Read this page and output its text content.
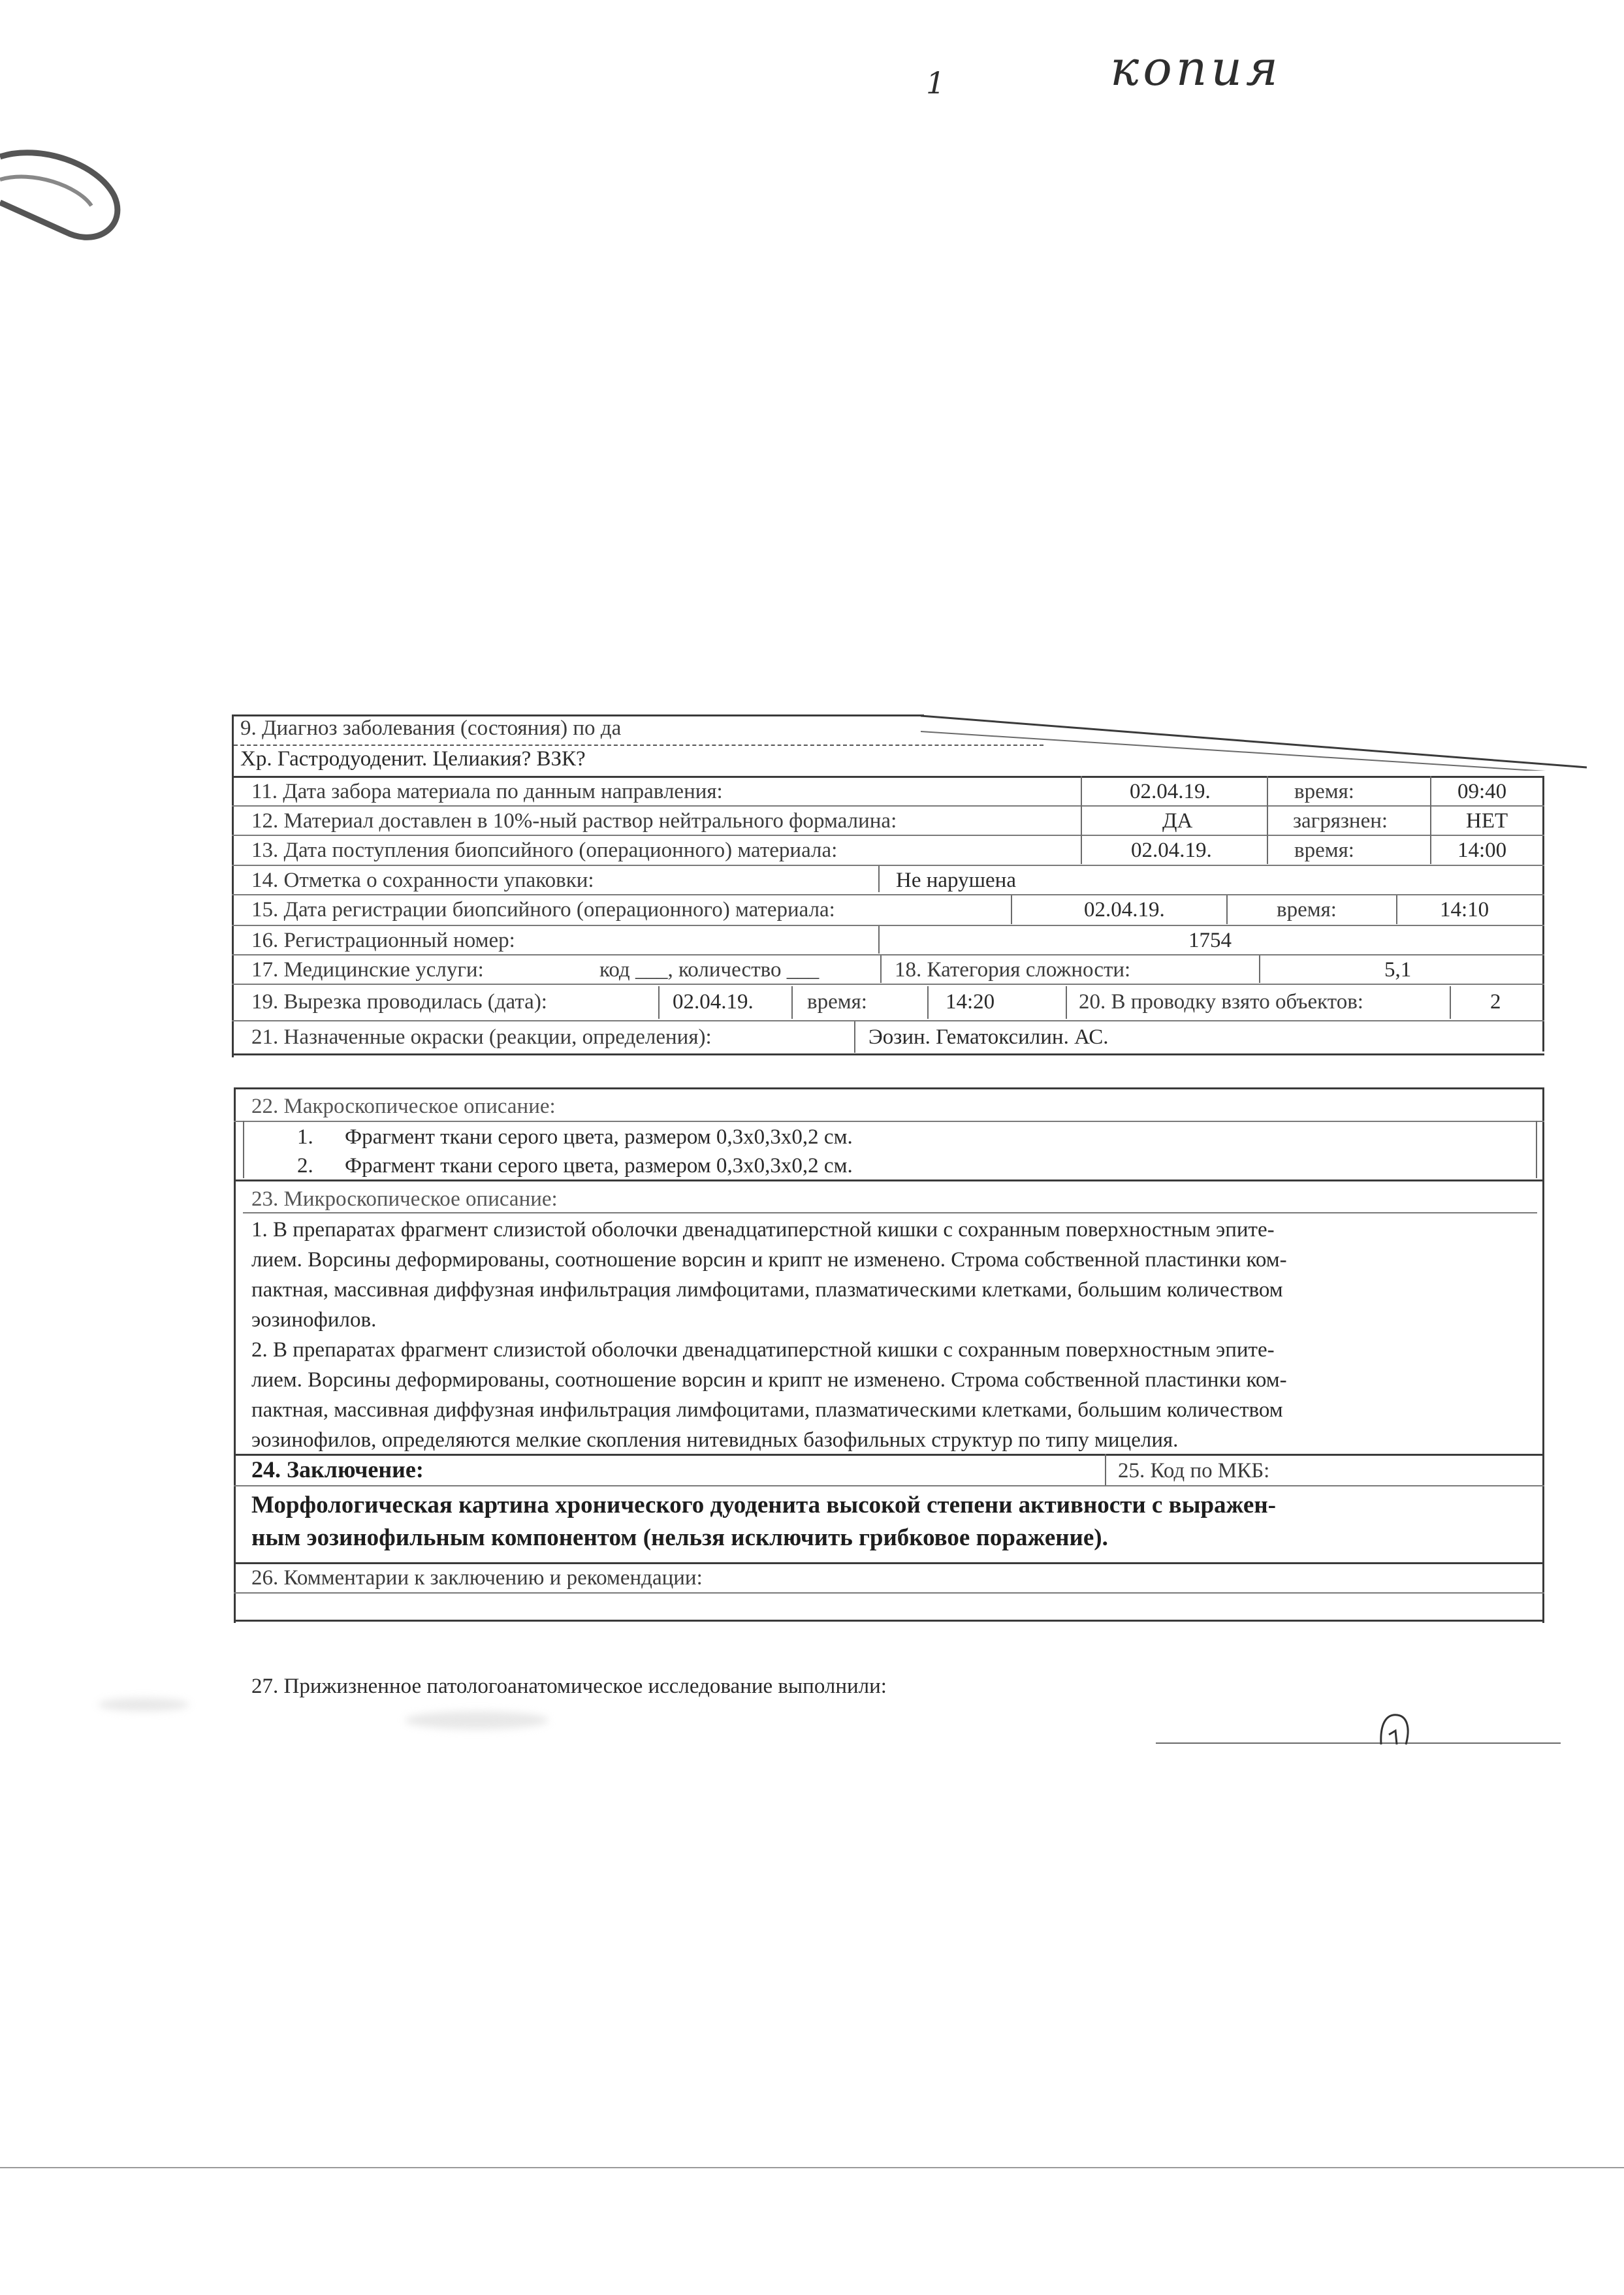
1	копия
9. Диагноз заболевания (состояния) по да
Хр. Гастродуоденит. Целиакия? ВЗК?
11. Дата забора материала по данным направления:	02.04.19.	время:	09:40
12. Материал доставлен в 10%-ный раствор нейтрального формалина:	ДА	загрязнен:	НЕТ
13. Дата поступления биопсийного (операционного) материала:	02.04.19.	время:	14:00
14. Отметка о сохранности упаковки:	Не нарушена
15. Дата регистрации биопсийного (операционного) материала:	02.04.19.	время:	14:10
16. Регистрационный номер:	1754
17. Медицинские услуги:	код ___, количество ___	18. Категория сложности:	5,1
19. Вырезка проводилась (дата):	02.04.19. время:	14:20	20. В проводку взято объектов:	2
21. Назначенные окраски (реакции, определения):	Эозин. Гематоксилин. АС.
22. Макроскопическое описание:
1. Фрагмент ткани серого цвета, размером 0,3х0,3х0,2 см.
2. Фрагмент ткани серого цвета, размером 0,3х0,3х0,2 см.
23. Микроскопическое описание:
1. В препаратах фрагмент слизистой оболочки двенадцатиперстной кишки с сохранным поверхностным эпите-
лием. Ворсины деформированы, соотношение ворсин и крипт не изменено. Строма собственной пластинки ком-
пактная, массивная диффузная инфильтрация лимфоцитами, плазматическими клетками, большим количеством
эозинофилов.
2. В препаратах фрагмент слизистой оболочки двенадцатиперстной кишки с сохранным поверхностным эпите-
лием. Ворсины деформированы, соотношение ворсин и крипт не изменено. Строма собственной пластинки ком-
пактная, массивная диффузная инфильтрация лимфоцитами, плазматическими клетками, большим количеством
эозинофилов, определяются мелкие скопления нитевидных базофильных структур по типу мицелия.
24. Заключение:	25. Код по МКБ:
Морфологическая картина хронического дуоденита высокой степени активности с выражен-
ным эозинофильным компонентом (нельзя исключить грибковое поражение).
26. Комментарии к заключению и рекомендации:
27. Прижизненное патологоанатомическое исследование выполнили:
